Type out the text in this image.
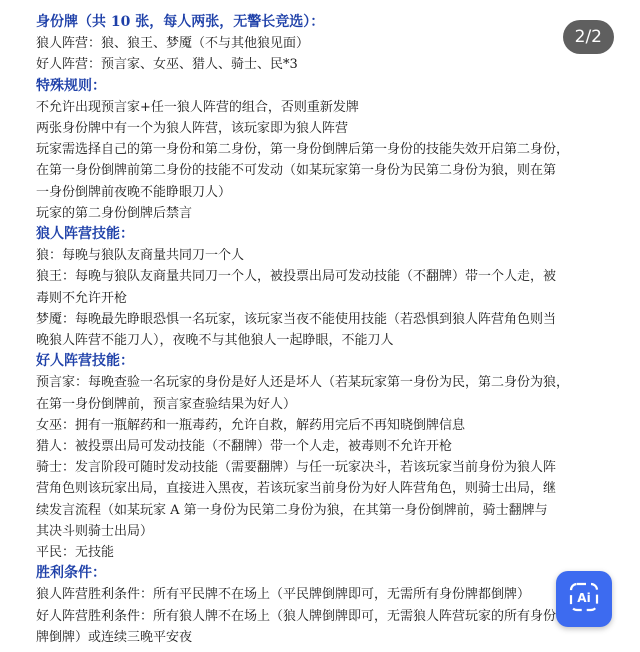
身份牌（共 10 张，每人两张，无警长竞选）：
狼人阵营：狼、狼王、梦魇（不与其他狼见面）
好人阵营：预言家、女巫、猎人、骑士、民*3
特殊规则：
不允许出现预言家+任一狼人阵营的组合，否则重新发牌
两张身份牌中有一个为狼人阵营，该玩家即为狼人阵营
玩家需选择自己的第一身份和第二身份，第一身份倒牌后第一身份的技能失效开启第二身份，
在第一身份倒牌前第二身份的技能不可发动（如某玩家第一身份为民第二身份为狼，则在第
一身份倒牌前夜晚不能睁眼刀人）
玩家的第二身份倒牌后禁言
狼人阵营技能：
狼：每晚与狼队友商量共同刀一个人
狼王：每晚与狼队友商量共同刀一个人，被投票出局可发动技能（不翻牌）带一个人走，被
毒则不允许开枪
梦魇：每晚最先睁眼恐惧一名玩家，该玩家当夜不能使用技能（若恐惧到狼人阵营角色则当
晚狼人阵营不能刀人），夜晚不与其他狼人一起睁眼，不能刀人
好人阵营技能：
预言家：每晚查验一名玩家的身份是好人还是坏人（若某玩家第一身份为民，第二身份为狼，
在第一身份倒牌前，预言家查验结果为好人）
女巫：拥有一瓶解药和一瓶毒药，允许自救，解药用完后不再知晓倒牌信息
猎人：被投票出局可发动技能（不翻牌）带一个人走，被毒则不允许开枪
骑士：发言阶段可随时发动技能（需要翻牌）与任一玩家决斗，若该玩家当前身份为狼人阵
营角色则该玩家出局，直接进入黑夜，若该玩家当前身份为好人阵营角色，则骑士出局，继
续发言流程（如某玩家 A 第一身份为民第二身份为狼，在其第一身份倒牌前，骑士翻牌与
其决斗则骑士出局）
平民：无技能
胜利条件：
狼人阵营胜利条件：所有平民牌不在场上（平民牌倒牌即可，无需所有身份牌都倒牌）
好人阵营胜利条件：所有狼人牌不在场上（狼人牌倒牌即可，无需狼人阵营玩家的所有身份
牌倒牌）或连续三晚平安夜
2/2
Ai
